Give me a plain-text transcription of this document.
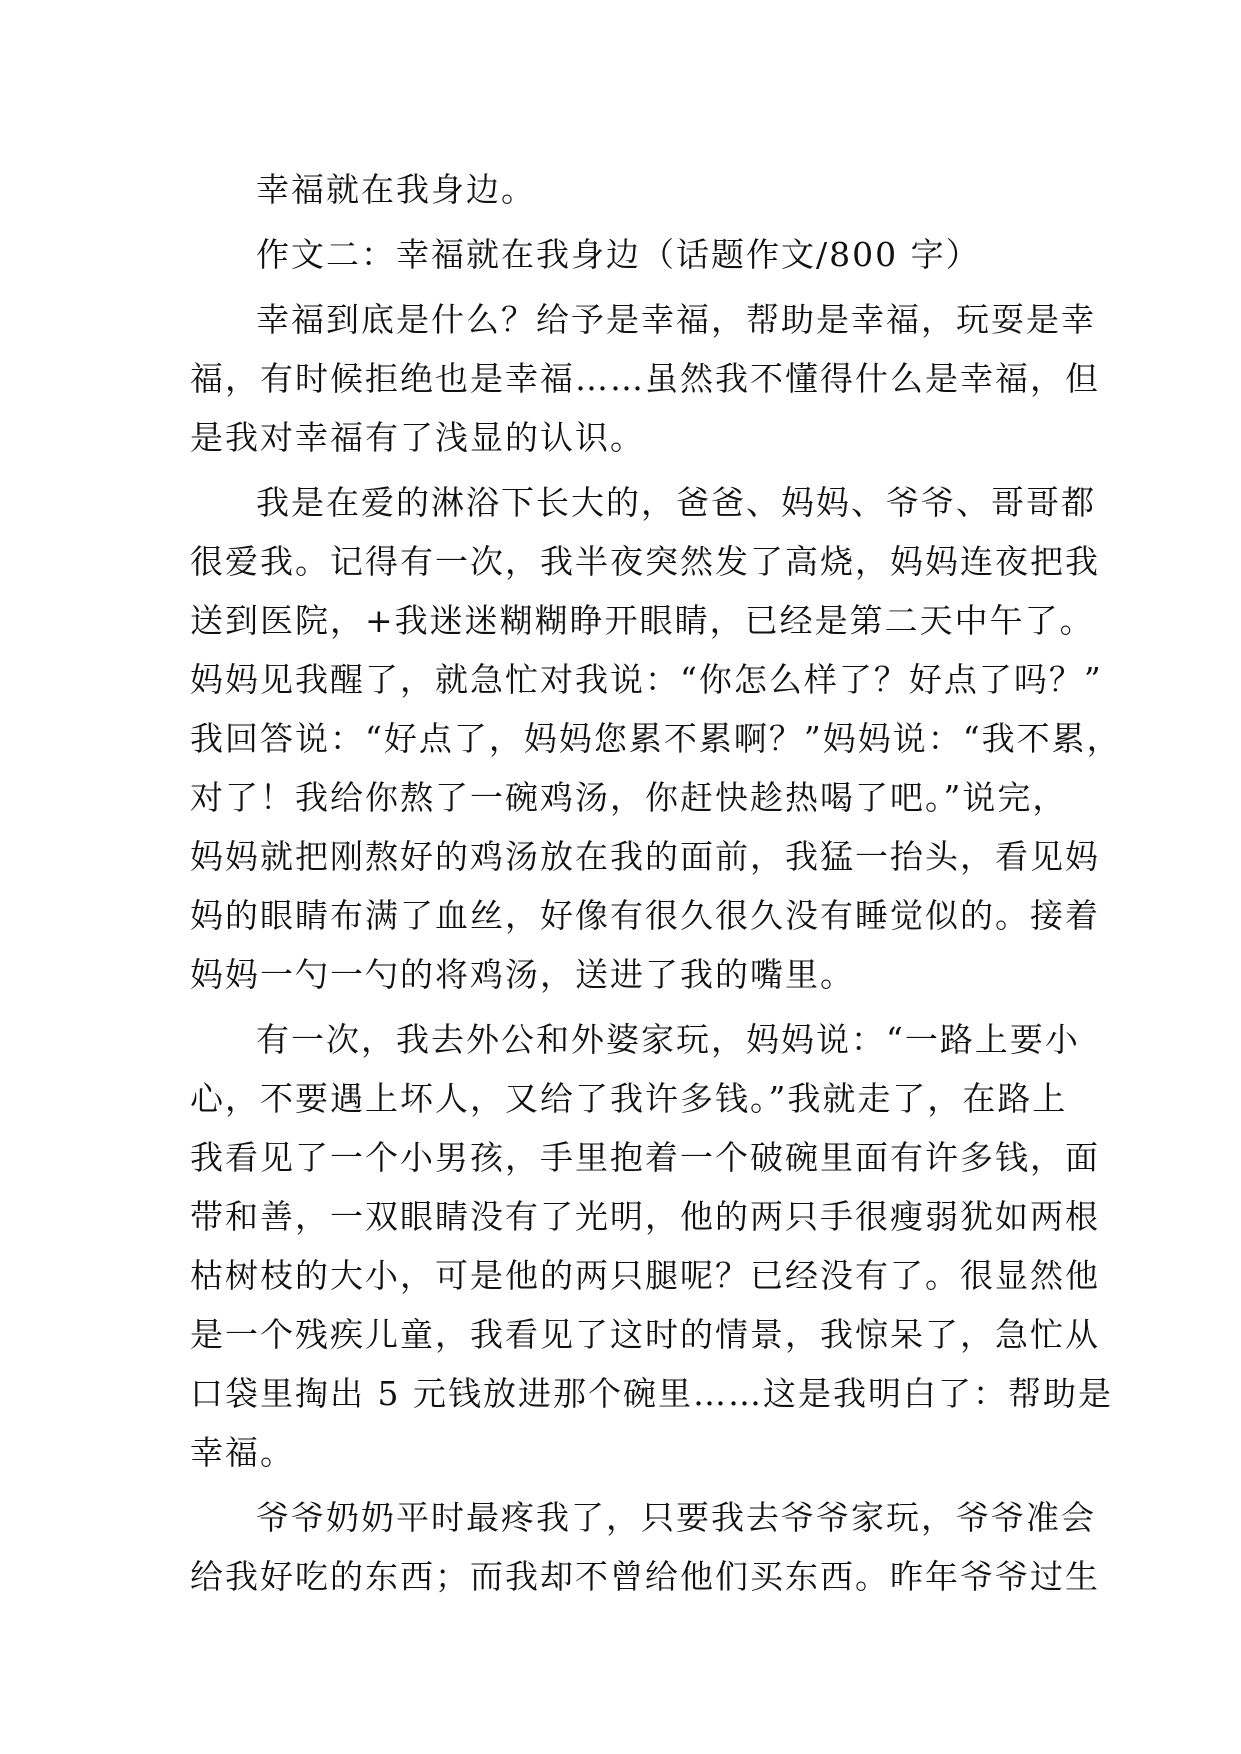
幸福就在我身边。
作文二：幸福就在我身边（话题作文/800 字）
幸福到底是什么？给予是幸福，帮助是幸福，玩耍是幸
福，有时候拒绝也是幸福……虽然我不懂得什么是幸福，但
是我对幸福有了浅显的认识。
我是在爱的淋浴下长大的，爸爸、妈妈、爷爷、哥哥都
很爱我。记得有一次，我半夜突然发了高烧，妈妈连夜把我
送到医院，+我迷迷糊糊睁开眼睛，已经是第二天中午了。
妈妈见我醒了，就急忙对我说：“你怎么样了？好点了吗？”
我回答说：“好点了，妈妈您累不累啊？”妈妈说：“我不累，
对了！我给你熬了一碗鸡汤，你赶快趁热喝了吧。”说完，
妈妈就把刚熬好的鸡汤放在我的面前，我猛一抬头，看见妈
妈的眼睛布满了血丝，好像有很久很久没有睡觉似的。接着
妈妈一勺一勺的将鸡汤，送进了我的嘴里。
有一次，我去外公和外婆家玩，妈妈说：“一路上要小
心，不要遇上坏人，又给了我许多钱。”我就走了，在路上
我看见了一个小男孩，手里抱着一个破碗里面有许多钱，面
带和善，一双眼睛没有了光明，他的两只手很瘦弱犹如两根
枯树枝的大小，可是他的两只腿呢？已经没有了。很显然他
是一个残疾儿童，我看见了这时的情景，我惊呆了，急忙从
口袋里掏出 5 元钱放进那个碗里……这是我明白了：帮助是
幸福。
爷爷奶奶平时最疼我了，只要我去爷爷家玩，爷爷准会
给我好吃的东西；而我却不曾给他们买东西。昨年爷爷过生
